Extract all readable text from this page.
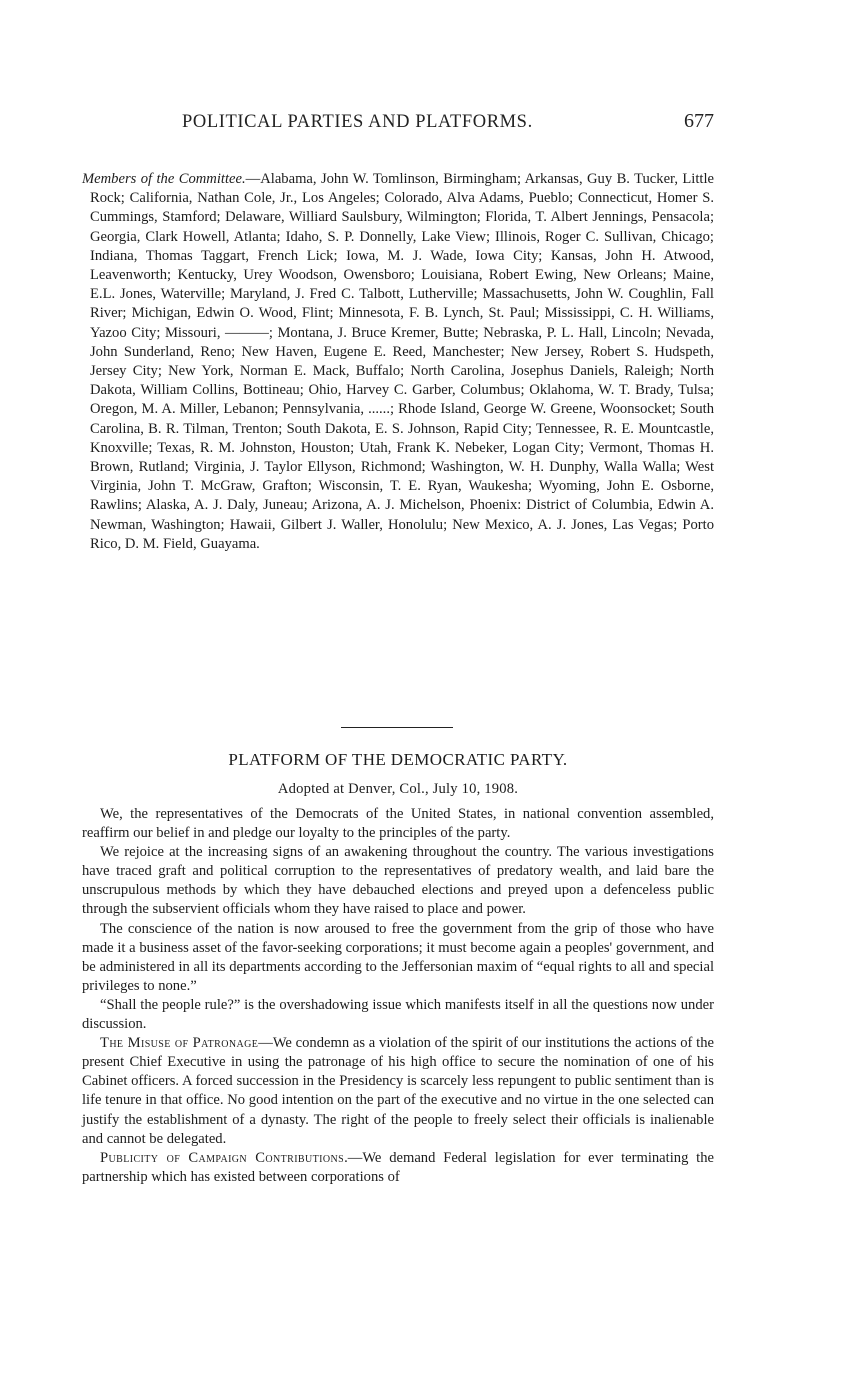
POLITICAL PARTIES AND PLATFORMS.	677
Members of the Committee.—Alabama, John W. Tomlinson, Birmingham; Arkansas, Guy B. Tucker, Little Rock; California, Nathan Cole, Jr., Los Angeles; Colorado, Alva Adams, Pueblo; Connecticut, Homer S. Cummings, Stamford; Delaware, Williard Saulsbury, Wilmington; Florida, T. Albert Jennings, Pensacola; Georgia, Clark Howell, Atlanta; Idaho, S. P. Donnelly, Lake View; Illinois, Roger C. Sullivan, Chicago; Indiana, Thomas Taggart, French Lick; Iowa, M. J. Wade, Iowa City; Kansas, John H. Atwood, Leavenworth; Kentucky, Urey Woodson, Owensboro; Louisiana, Robert Ewing, New Orleans; Maine, E.L. Jones, Waterville; Maryland, J. Fred C. Talbott, Lutherville; Massachusetts, John W. Coughlin, Fall River; Michigan, Edwin O. Wood, Flint; Minnesota, F. B. Lynch, St. Paul; Mississippi, C. H. Williams, Yazoo City; Missouri, ———; Montana, J. Bruce Kremer, Butte; Nebraska, P. L. Hall, Lincoln; Nevada, John Sunderland, Reno; New Haven, Eugene E. Reed, Manchester; New Jersey, Robert S. Hudspeth, Jersey City; New York, Norman E. Mack, Buffalo; North Carolina, Josephus Daniels, Raleigh; North Dakota, William Collins, Bottineau; Ohio, Harvey C. Garber, Columbus; Oklahoma, W. T. Brady, Tulsa; Oregon, M. A. Miller, Lebanon; Pennsylvania, ......; Rhode Island, George W. Greene, Woonsocket; South Carolina, B. R. Tilman, Trenton; South Dakota, E. S. Johnson, Rapid City; Tennessee, R. E. Mountcastle, Knoxville; Texas, R. M. Johnston, Houston; Utah, Frank K. Nebeker, Logan City; Vermont, Thomas H. Brown, Rutland; Virginia, J. Taylor Ellyson, Richmond; Washington, W. H. Dunphy, Walla Walla; West Virginia, John T. McGraw, Grafton; Wisconsin, T. E. Ryan, Waukesha; Wyoming, John E. Osborne, Rawlins; Alaska, A. J. Daly, Juneau; Arizona, A. J. Michelson, Phoenix: District of Columbia, Edwin A. Newman, Washington; Hawaii, Gilbert J. Waller, Honolulu; New Mexico, A. J. Jones, Las Vegas; Porto Rico, D. M. Field, Guayama.
PLATFORM OF THE DEMOCRATIC PARTY.
Adopted at Denver, Col., July 10, 1908.

We, the representatives of the Democrats of the United States, in national convention assembled, reaffirm our belief in and pledge our loyalty to the principles of the party.

We rejoice at the increasing signs of an awakening throughout the country. The various investigations have traced graft and political corruption to the representatives of predatory wealth, and laid bare the unscrupulous methods by which they have debauched elections and preyed upon a defenceless public through the subservient officials whom they have raised to place and power.

The conscience of the nation is now aroused to free the government from the grip of those who have made it a business asset of the favor-seeking corporations; it must become again a peoples' government, and be administered in all its departments according to the Jeffersonian maxim of “equal rights to all and special privileges to none.”

“Shall the people rule?” is the overshadowing issue which manifests itself in all the questions now under discussion.

The Misuse of Patronage—We condemn as a violation of the spirit of our institutions the actions of the present Chief Executive in using the patronage of his high office to secure the nomination of one of his Cabinet officers. A forced succession in the Presidency is scarcely less repungent to public sentiment than is life tenure in that office. No good intention on the part of the executive and no virtue in the one selected can justify the establishment of a dynasty. The right of the people to freely select their officials is inalienable and cannot be delegated.

Publicity of Campaign Contributions.—We demand Federal legislation for ever terminating the partnership which has existed between corporations of
